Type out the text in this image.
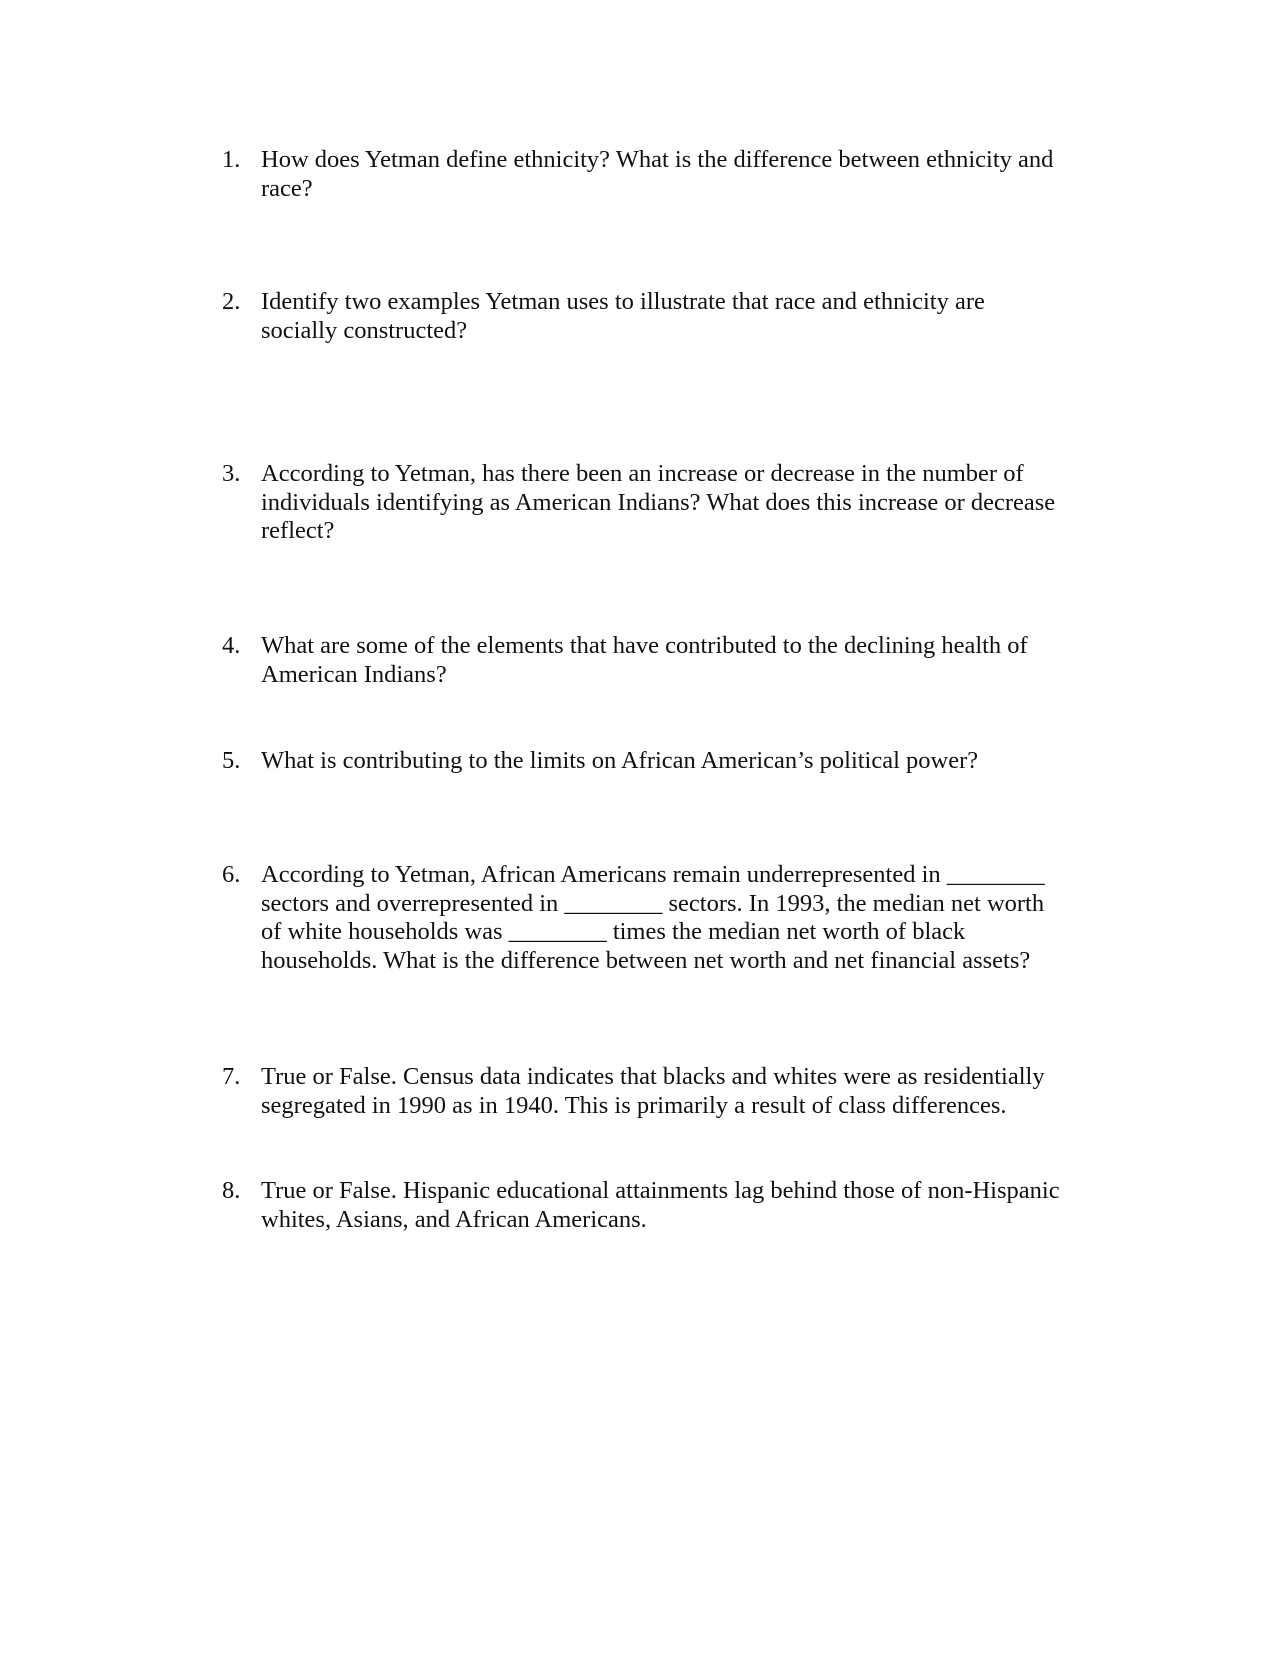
1. How does Yetman define ethnicity? What is the difference between ethnicity and
race?
2. Identify two examples Yetman uses to illustrate that race and ethnicity are
socially constructed?
3. According to Yetman, has there been an increase or decrease in the number of
individuals identifying as American Indians? What does this increase or decrease
reflect?
4. What are some of the elements that have contributed to the declining health of
American Indians?
5. What is contributing to the limits on African American’s political power?
6. According to Yetman, African Americans remain underrepresented in ________
sectors and overrepresented in ________ sectors. In 1993, the median net worth
of white households was ________ times the median net worth of black
households. What is the difference between net worth and net financial assets?
7. True or False. Census data indicates that blacks and whites were as residentially
segregated in 1990 as in 1940. This is primarily a result of class differences.
8. True or False. Hispanic educational attainments lag behind those of non-Hispanic
whites, Asians, and African Americans.
